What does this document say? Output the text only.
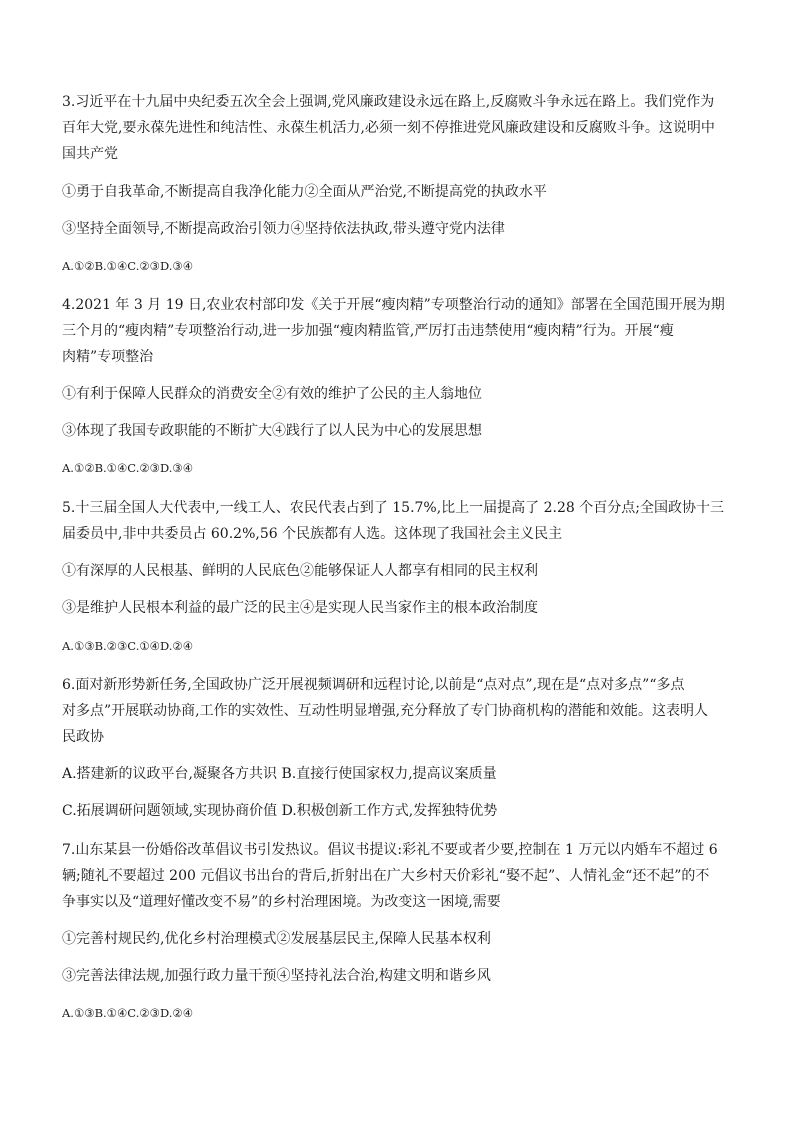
3.习近平在十九届中央纪委五次全会上强调,党风廉政建设永远在路上,反腐败斗争永远在路上。我们党作为
百年大党,要永葆先进性和纯洁性、永葆生机活力,必须一刻不停推进党风廉政建设和反腐败斗争。这说明中
国共产党
①勇于自我革命,不断提高自我净化能力②全面从严治党,不断提高党的执政水平
③坚持全面领导,不断提高政治引领力④坚持依法执政,带头遵守党内法律
A.①②B.①④C.②③D.③④
4.2021 年 3 月 19 日,农业农村部印发《关于开展“瘦肉精”专项整治行动的通知》部署在全国范围开展为期
三个月的“瘦肉精”专项整治行动,进一步加强“瘦肉精监管,严厉打击违禁使用“瘦肉精”行为。开展“瘦
肉精”专项整治
①有利于保障人民群众的消费安全②有效的维护了公民的主人翁地位
③体现了我国专政职能的不断扩大④践行了以人民为中心的发展思想
A.①②B.①④C.②③D.③④
5.十三届全国人大代表中,一线工人、农民代表占到了 15.7%,比上一届提高了 2.28 个百分点;全国政协十三
届委员中,非中共委员占 60.2%,56 个民族都有人选。这体现了我国社会主义民主
①有深厚的人民根基、鲜明的人民底色②能够保证人人都享有相同的民主权利
③是维护人民根本利益的最广泛的民主④是实现人民当家作主的根本政治制度
A.①③B.②③C.①④D.②④
6.面对新形势新任务,全国政协广泛开展视频调研和远程讨论,以前是“点对点”,现在是“点对多点”“多点
对多点”开展联动协商,工作的实效性、互动性明显增强,充分释放了专门协商机构的潜能和效能。这表明人
民政协
A.搭建新的议政平台,凝聚各方共识 B.直接行使国家权力,提高议案质量
C.拓展调研问题领域,实现协商价值 D.积极创新工作方式,发挥独特优势
7.山东某县一份婚俗改革倡议书引发热议。倡议书提议:彩礼不要或者少要,控制在 1 万元以内婚车不超过 6
辆;随礼不要超过 200 元倡议书出台的背后,折射出在广大乡村天价彩礼“娶不起”、人情礼金“还不起”的不
争事实以及“道理好懂改变不易”的乡村治理困境。为改变这一困境,需要
①完善村规民约,优化乡村治理模式②发展基层民主,保障人民基本权利
③完善法律法规,加强行政力量干预④坚持礼法合治,构建文明和谐乡风
A.①③B.①④C.②③D.②④
